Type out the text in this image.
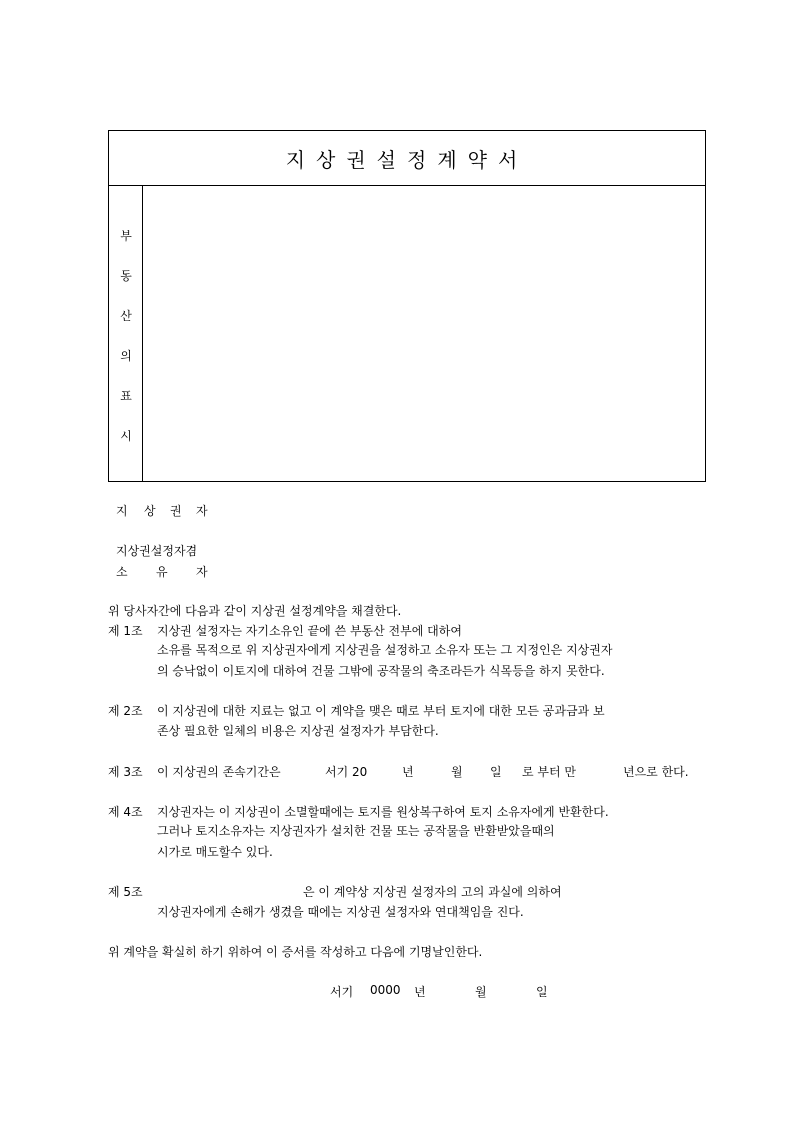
지상권설정계약서
부
동
산
의
표
시
지 상 권 자
지상권설정자겸
소 유 자
위 당사자간에 다음과 같이 지상권 설정계약을 채결한다.
제 1조 지상권 설정자는 자기소유인 끝에 쓴 부동산 전부에 대하여
소유를 목적으로 위 지상권자에게 지상권을 설정하고 소유자 또는 그 지정인은 지상권자
의 승낙없이 이토지에 대하여 건물 그밖에 공작물의 축조라든가 식목등을 하지 못한다.
제 2조 이 지상권에 대한 지료는 없고 이 계약을 맺은 때로 부터 토지에 대한 모든 공과금과 보
존상 필요한 일체의 비용은 지상권 설정자가 부담한다.
제 3조 이 지상권의 존속기간은	서기 20	년	월 일 로 부터 만	년으로 한다.
제 4조 지상권자는 이 지상권이 소멸할때에는 토지를 원상복구하여 토지 소유자에게 반환한다.
그러나 토지소유자는 지상권자가 설치한 건물 또는 공작물을 반환받았을때의
시가로 매도할수 있다.
제 5조	은 이 계약상 지상권 설정자의 고의 과실에 의하여
지상권자에게 손해가 생겼을 때에는 지상권 설정자와 연대책임을 진다.
위 계약을 확실히 하기 위하여 이 증서를 작성하고 다음에 기명날인한다.
서기 0000 년	월	일
